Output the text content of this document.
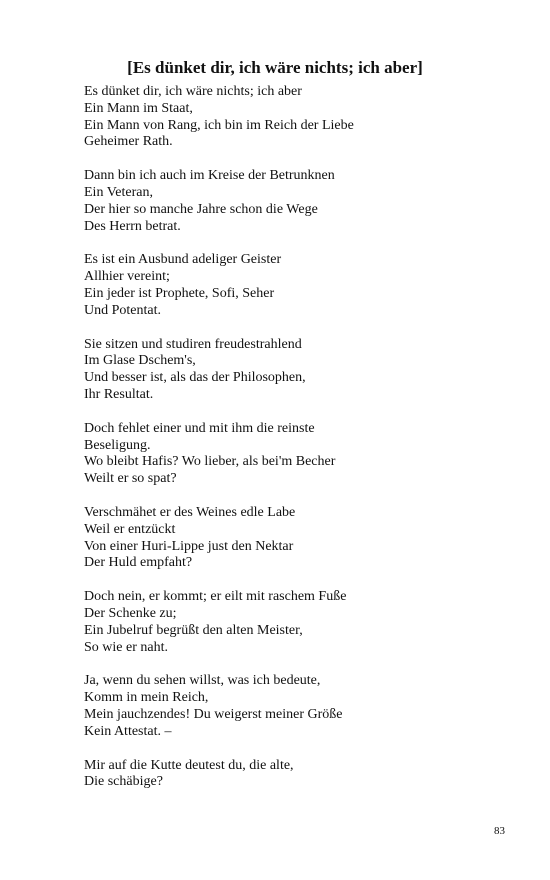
[Es dünket dir, ich wäre nichts; ich aber]
Es dünket dir, ich wäre nichts; ich aber
Ein Mann im Staat,
Ein Mann von Rang, ich bin im Reich der Liebe
Geheimer Rath.
Dann bin ich auch im Kreise der Betrunknen
Ein Veteran,
Der hier so manche Jahre schon die Wege
Des Herrn betrat.
Es ist ein Ausbund adeliger Geister
Allhier vereint;
Ein jeder ist Prophete, Sofi, Seher
Und Potentat.
Sie sitzen und studiren freudestrahlend
Im Glase Dschem's,
Und besser ist, als das der Philosophen,
Ihr Resultat.
Doch fehlet einer und mit ihm die reinste
Beseligung.
Wo bleibt Hafis? Wo lieber, als bei'm Becher
Weilt er so spat?
Verschmähet er des Weines edle Labe
Weil er entzückt
Von einer Huri-Lippe just den Nektar
Der Huld empfaht?
Doch nein, er kommt; er eilt mit raschem Fuße
Der Schenke zu;
Ein Jubelruf begrüßt den alten Meister,
So wie er naht.
Ja, wenn du sehen willst, was ich bedeute,
Komm in mein Reich,
Mein jauchzendes! Du weigerst meiner Größe
Kein Attestat. –
Mir auf die Kutte deutest du, die alte,
Die schäbige?
83
